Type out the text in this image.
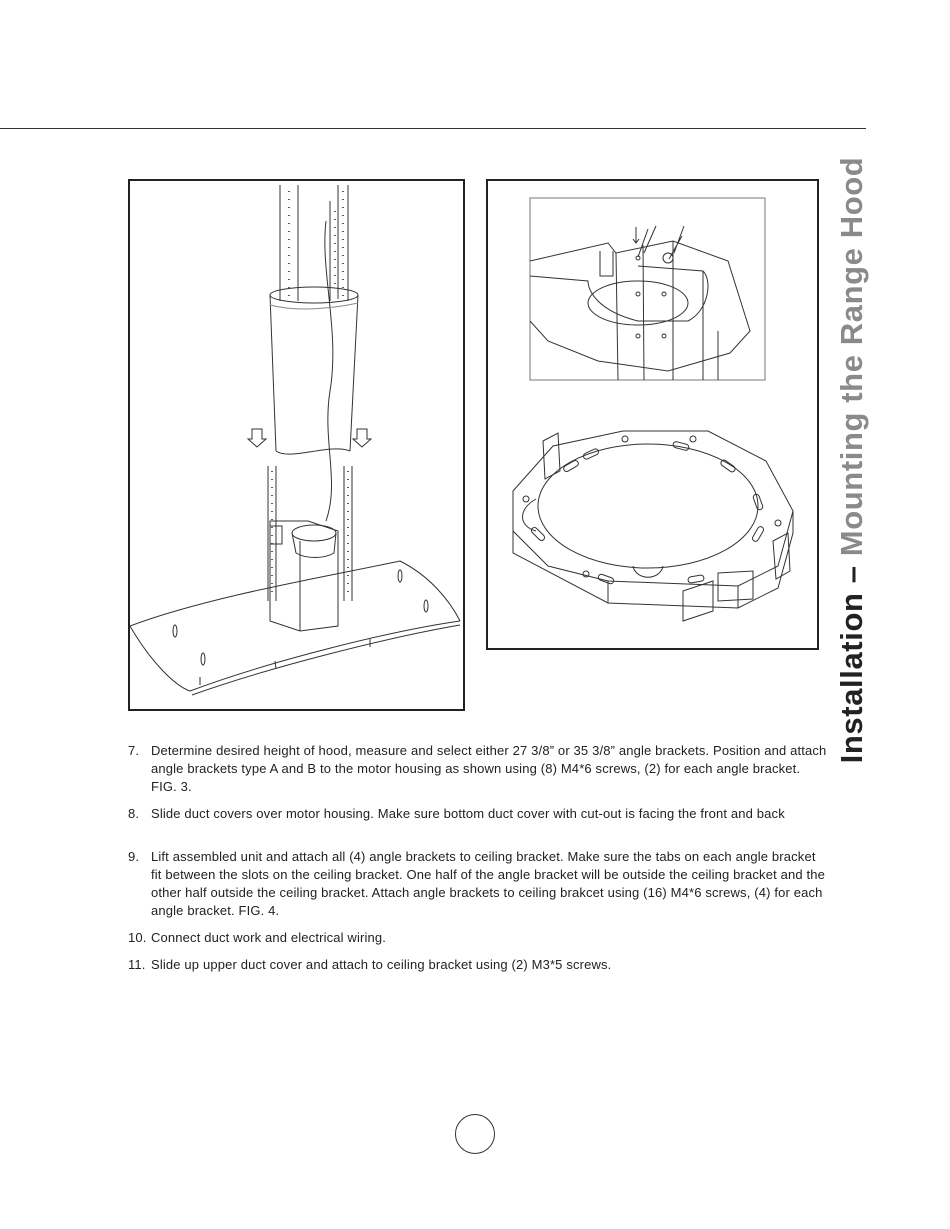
Installation – Mounting the Range Hood
7. Determine desired height of hood, measure and select either 27 3/8” or 35 3/8” angle brackets. Position and attach angle brackets type A and B to the motor housing as shown using (8) M4*6 screws, (2) for each angle bracket. FIG. 3.
8. Slide duct covers over motor housing. Make sure bottom duct cover with cut-out is facing the front and back
9. Lift assembled unit and attach all (4) angle brackets to ceiling bracket. Make sure the tabs on each angle bracket fit between the slots on the ceiling bracket. One half of the angle bracket will be outside the ceiling bracket and the other half outside the ceiling bracket. Attach angle brackets to ceiling brakcet using (16) M4*6 screws, (4) for each angle bracket. FIG. 4.
10. Connect duct work and electrical wiring.
11. Slide up upper duct cover and attach to ceiling bracket using (2) M3*5 screws.
